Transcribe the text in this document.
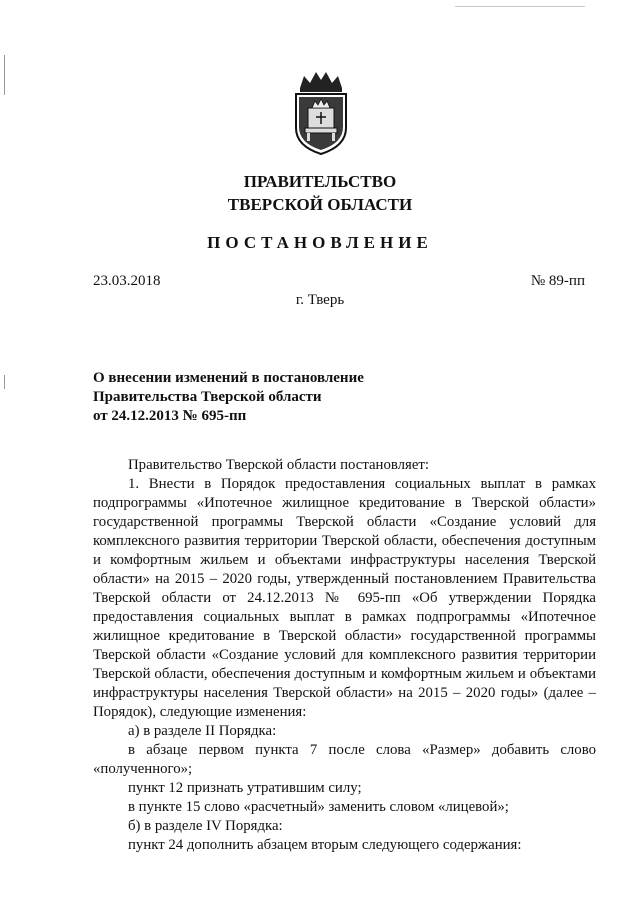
ПРАВИТЕЛЬСТВО
ТВЕРСКОЙ ОБЛАСТИ
ПОСТАНОВЛЕНИЕ
23.03.2018	№ 89-пп
г. Тверь
О внесении изменений в постановление
Правительства Тверской области
от 24.12.2013 № 695-пп

Правительство Тверской области постановляет:

1. Внести в Порядок предоставления социальных выплат в рамках подпрограммы «Ипотечное жилищное кредитование в Тверской области» государственной программы Тверской области «Создание условий для комплексного развития территории Тверской области, обеспечения доступным и комфортным жильем и объектами инфраструктуры населения Тверской области» на 2015 – 2020 годы, утвержденный постановлением Правительства Тверской области от 24.12.2013 № 695-пп «Об утверждении Порядка предоставления социальных выплат в рамках подпрограммы «Ипотечное жилищное кредитование в Тверской области» государственной программы Тверской области «Создание условий для комплексного развития территории Тверской области, обеспечения доступным и комфортным жильем и объектами инфраструктуры населения Тверской области» на 2015 – 2020 годы» (далее – Порядок), следующие изменения:

а) в разделе II Порядка:

в абзаце первом пункта 7 после слова «Размер» добавить слово «полученного»;

пункт 12 признать утратившим силу;

в пункте 15 слово «расчетный» заменить словом «лицевой»;

б) в разделе IV Порядка:

пункт 24 дополнить абзацем вторым следующего содержания:
